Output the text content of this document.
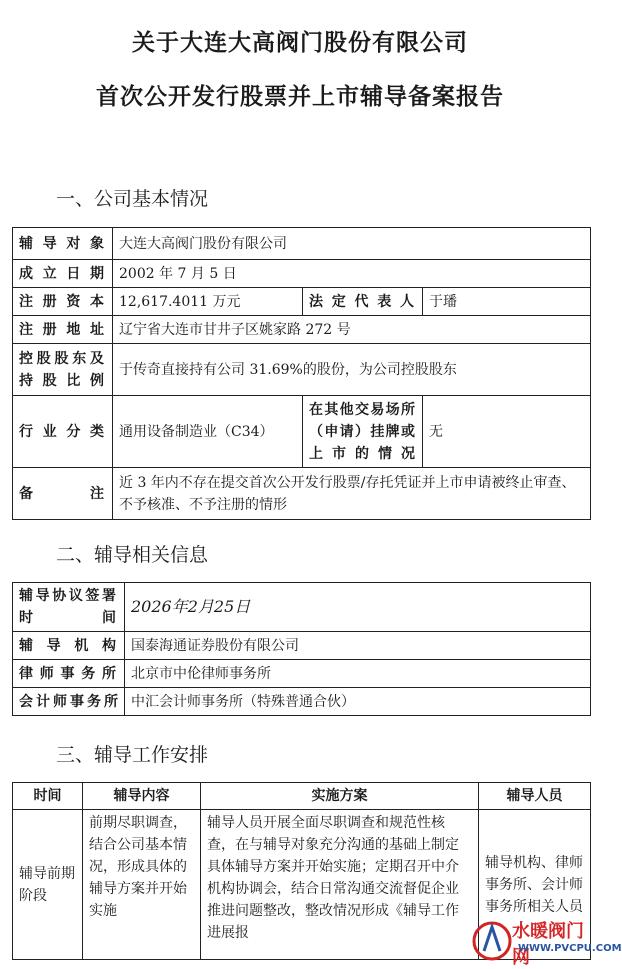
关于大连大高阀门股份有限公司
首次公开发行股票并上市辅导备案报告
一、公司基本情况
辅导对象	大连大高阀门股份有限公司		
成立日期	2002 年 7 月 5 日		
注册资本	12,617.4011 万元	法定代表人	于璠
注册地址	辽宁省大连市甘井子区姚家路 272 号		
控股股东及持股比例	于传奇直接持有公司 31.69%的股份，为公司控股股东		
行业分类	通用设备制造业（C34）	在其他交易场所（申请）挂牌或上市的情况	无
备注	近 3 年内不存在提交首次公开发行股票/存托凭证并上市申请被终止审查、不予核准、不予注册的情形		
二、辅导相关信息
辅导协议签署时间	2026年2月25日
辅导机构	国泰海通证券股份有限公司
律师事务所	北京市中伦律师事务所
会计师事务所	中汇会计师事务所（特殊普通合伙）
三、辅导工作安排
时间	辅导内容	实施方案	辅导人员
辅导前期阶段	前期尽职调查，结合公司基本情况，形成具体的辅导方案并开始实施	辅导人员开展全面尽职调查和规范性核查，在与辅导对象充分沟通的基础上制定具体辅导方案并开始实施；定期召开中介机构协调会，结合日常沟通交流督促企业推进问题整改，整改情况形成《辅导工作进展报	辅导机构、律师事务所、会计师事务所相关人员
水暖阀门网
WWW.PVCPU.COM
